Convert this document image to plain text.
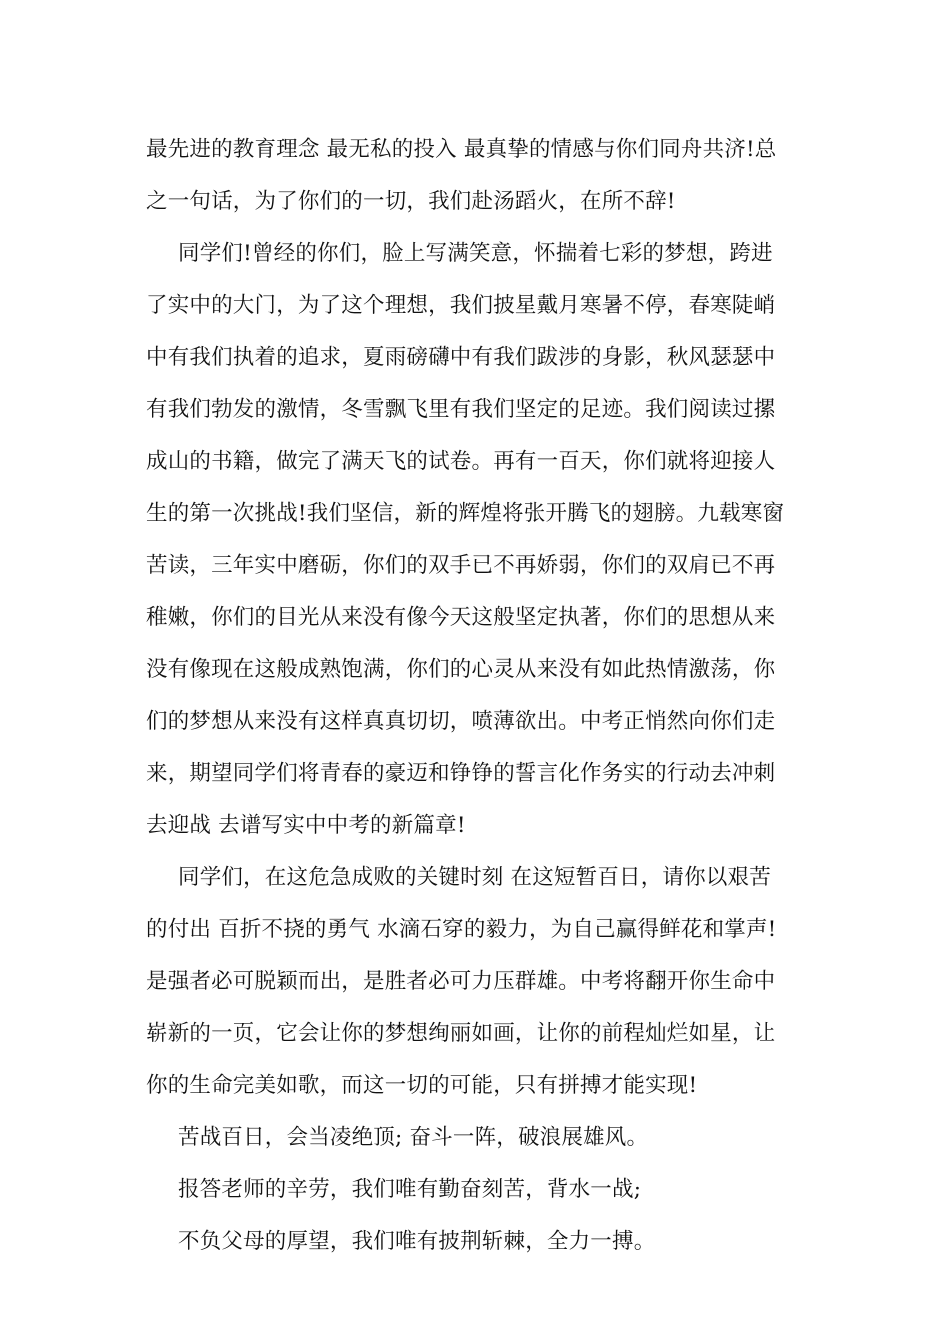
最先进的教育理念 最无私的投入 最真挚的情感与你们同舟共济!总
之一句话，为了你们的一切，我们赴汤蹈火，在所不辞!
同学们!曾经的你们，脸上写满笑意，怀揣着七彩的梦想，跨进
了实中的大门，为了这个理想，我们披星戴月寒暑不停，春寒陡峭
中有我们执着的追求，夏雨磅礴中有我们跋涉的身影，秋风瑟瑟中
有我们勃发的激情，冬雪飘飞里有我们坚定的足迹。我们阅读过摞
成山的书籍，做完了满天飞的试卷。再有一百天，你们就将迎接人
生的第一次挑战!我们坚信，新的辉煌将张开腾飞的翅膀。九载寒窗
苦读，三年实中磨砺，你们的双手已不再娇弱，你们的双肩已不再
稚嫩，你们的目光从来没有像今天这般坚定执著，你们的思想从来
没有像现在这般成熟饱满，你们的心灵从来没有如此热情激荡，你
们的梦想从来没有这样真真切切，喷薄欲出。中考正悄然向你们走
来，期望同学们将青春的豪迈和铮铮的誓言化作务实的行动去冲刺
去迎战 去谱写实中中考的新篇章!
同学们，在这危急成败的关键时刻 在这短暂百日，请你以艰苦
的付出 百折不挠的勇气 水滴石穿的毅力，为自己赢得鲜花和掌声!
是强者必可脱颖而出，是胜者必可力压群雄。中考将翻开你生命中
崭新的一页，它会让你的梦想绚丽如画，让你的前程灿烂如星，让
你的生命完美如歌，而这一切的可能，只有拼搏才能实现!
苦战百日，会当凌绝顶; 奋斗一阵，破浪展雄风。
报答老师的辛劳，我们唯有勤奋刻苦，背水一战;
不负父母的厚望，我们唯有披荆斩棘，全力一搏。
